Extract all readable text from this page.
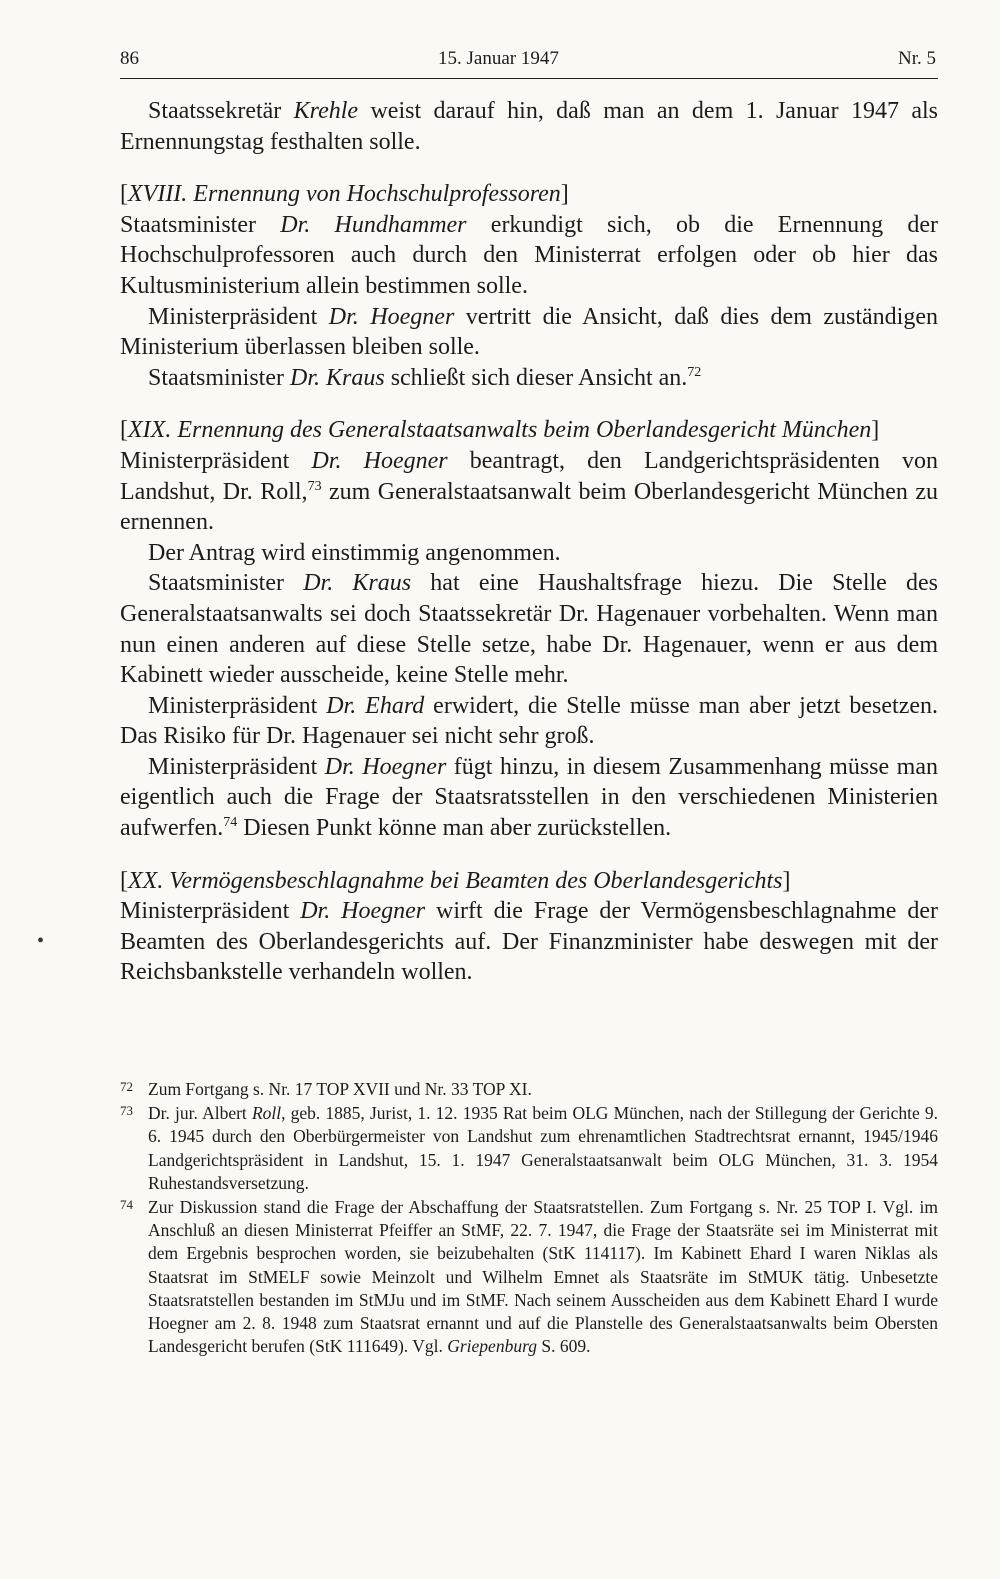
86	15. Januar 1947	Nr. 5
•

Staatssekretär Krehle weist darauf hin, daß man an dem 1. Januar 1947 als Ernennungstag festhalten solle.

[XVIII. Ernennung von Hochschulprofessoren]

Staatsminister Dr. Hundhammer erkundigt sich, ob die Ernennung der Hochschulprofessoren auch durch den Ministerrat erfolgen oder ob hier das Kultusministerium allein bestimmen solle.

Ministerpräsident Dr. Hoegner vertritt die Ansicht, daß dies dem zuständigen Ministerium überlassen bleiben solle.

Staatsminister Dr. Kraus schließt sich dieser Ansicht an.$^{72}$

[XIX. Ernennung des Generalstaatsanwalts beim Oberlandesgericht München]

Ministerpräsident Dr. Hoegner beantragt, den Landgerichtspräsidenten von Landshut, Dr. Roll,$^{73}$ zum Generalstaatsanwalt beim Oberlandesgericht München zu ernennen.

Der Antrag wird einstimmig angenommen.

Staatsminister Dr. Kraus hat eine Haushaltsfrage hiezu. Die Stelle des Generalstaatsanwalts sei doch Staatssekretär Dr. Hagenauer vorbehalten. Wenn man nun einen anderen auf diese Stelle setze, habe Dr. Hagenauer, wenn er aus dem Kabinett wieder ausscheide, keine Stelle mehr.

Ministerpräsident Dr. Ehard erwidert, die Stelle müsse man aber jetzt besetzen. Das Risiko für Dr. Hagenauer sei nicht sehr groß.

Ministerpräsident Dr. Hoegner fügt hinzu, in diesem Zusammenhang müsse man eigentlich auch die Frage der Staatsratsstellen in den verschiedenen Ministerien aufwerfen.$^{74}$ Diesen Punkt könne man aber zurückstellen.

[XX. Vermögensbeschlagnahme bei Beamten des Oberlandesgerichts]

Ministerpräsident Dr. Hoegner wirft die Frage der Vermögensbeschlagnahme der Beamten des Oberlandesgerichts auf. Der Finanzminister habe deswegen mit der Reichsbankstelle verhandeln wollen.

72 Zum Fortgang s. Nr. 17 TOP XVII und Nr. 33 TOP XI.

73 Dr. jur. Albert Roll, geb. 1885, Jurist, 1. 12. 1935 Rat beim OLG München, nach der Stillegung der Gerichte 9. 6. 1945 durch den Oberbürgermeister von Landshut zum ehrenamtlichen Stadtrechtsrat ernannt, 1945/1946 Landgerichtspräsident in Landshut, 15. 1. 1947 Generalstaatsanwalt beim OLG München, 31. 3. 1954 Ruhestandsversetzung.

74 Zur Diskussion stand die Frage der Abschaffung der Staatsratstellen. Zum Fortgang s. Nr. 25 TOP I. Vgl. im Anschluß an diesen Ministerrat Pfeiffer an StMF, 22. 7. 1947, die Frage der Staatsräte sei im Ministerrat mit dem Ergebnis besprochen worden, sie beizubehalten (StK 114117). Im Kabinett Ehard I waren Niklas als Staatsrat im StMELF sowie Meinzolt und Wilhelm Emnet als Staatsräte im StMUK tätig. Unbesetzte Staatsratstellen bestanden im StMJu und im StMF. Nach seinem Ausscheiden aus dem Kabinett Ehard I wurde Hoegner am 2. 8. 1948 zum Staatsrat ernannt und auf die Planstelle des Generalstaatsanwalts beim Obersten Landesgericht berufen (StK 111649). Vgl. Griepenburg S. 609.
